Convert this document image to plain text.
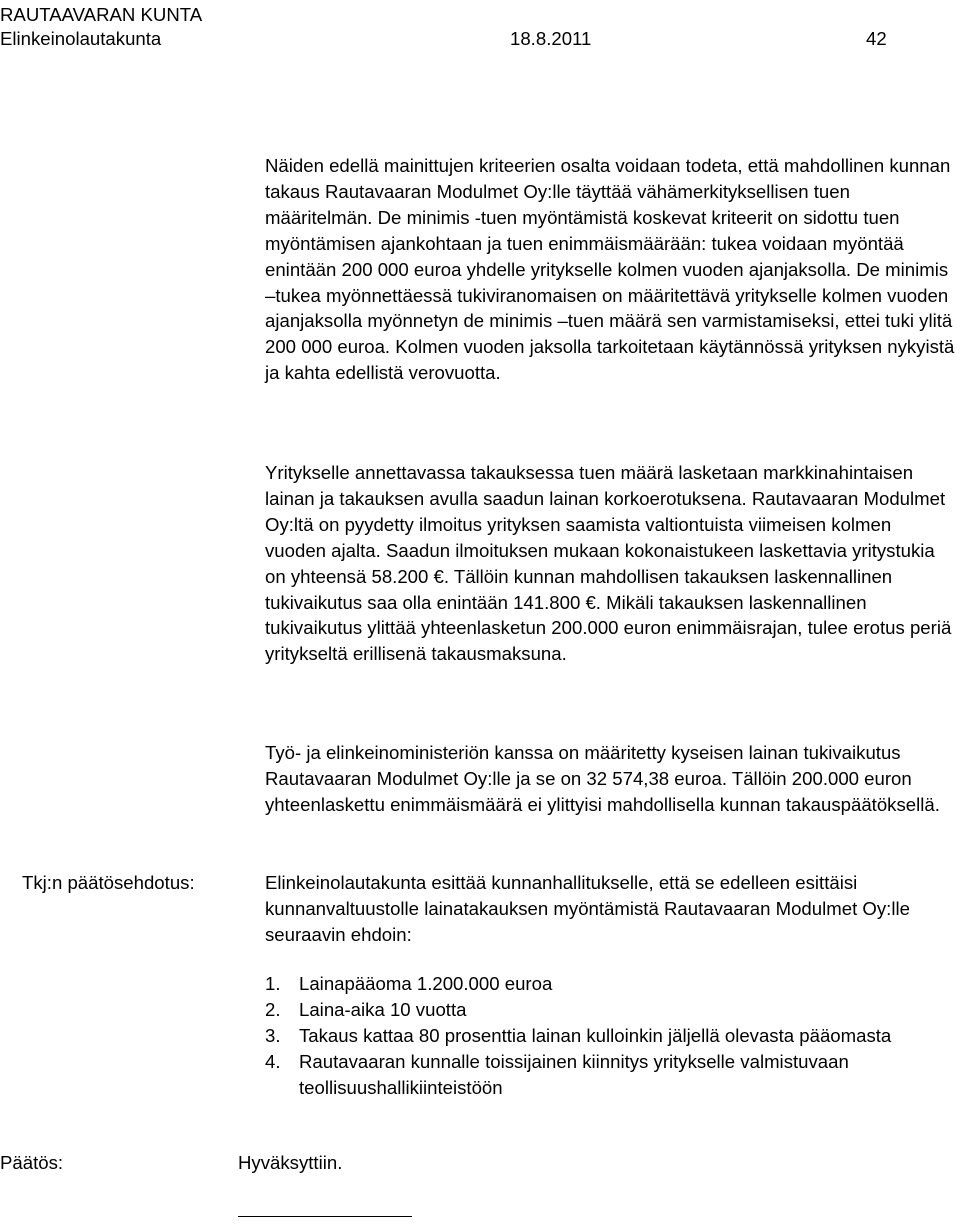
RAUTAAVARAN KUNTA
Elinkeinolautakunta	18.8.2011	42

Näiden edellä mainittujen kriteerien osalta voidaan todeta, että mahdollinen kunnan takaus Rautavaaran Modulmet Oy:lle täyttää vähämerkityksellisen tuen määritelmän. De minimis -tuen myöntämistä koskevat kriteerit on sidottu tuen myöntämisen ajankohtaan ja tuen enimmäismäärään: tukea voidaan myöntää enintään 200 000 euroa yhdelle yritykselle kolmen vuoden ajanjaksolla. De minimis –tukea myönnettäessä tukiviranomaisen on määritettävä yritykselle kolmen vuoden ajanjaksolla myönnetyn de minimis –tuen määrä sen varmistamiseksi, ettei tuki ylitä 200 000 euroa. Kolmen vuoden jaksolla tarkoitetaan käytännössä yrityksen nykyistä ja kahta edellistä verovuotta.

Yritykselle annettavassa takauksessa tuen määrä lasketaan markkinahintaisen lainan ja takauksen avulla saadun lainan korkoerotuksena. Rautavaaran Modulmet Oy:ltä on pyydetty ilmoitus yrityksen saamista valtiontuista viimeisen kolmen vuoden ajalta. Saadun ilmoituksen mukaan kokonaistukeen laskettavia yritystukia on yhteensä 58.200 €. Tällöin kunnan mahdollisen takauksen laskennallinen tukivaikutus saa olla enintään 141.800 €. Mikäli takauksen laskennallinen tukivaikutus ylittää yhteenlasketun 200.000 euron enimmäisrajan, tulee erotus periä yritykseltä erillisenä takausmaksuna.

Työ- ja elinkeinoministeriön kanssa on määritetty kyseisen lainan tukivaikutus Rautavaaran Modulmet Oy:lle ja se on 32 574,38 euroa. Tällöin 200.000 euron yhteenlaskettu enimmäismäärä ei ylittyisi mahdollisella kunnan takauspäätöksellä.

Tkj:n päätösehdotus:	Elinkeinolautakunta esittää kunnanhallitukselle, että se edelleen esittäisi kunnanvaltuustolle lainatakauksen myöntämistä Rautavaaran Modulmet Oy:lle seuraavin ehdoin:

1. Lainapääoma 1.200.000 euroa
2. Laina-aika 10 vuotta
3. Takaus kattaa 80 prosenttia lainan kulloinkin jäljellä olevasta pääomasta
4. Rautavaaran kunnalle toissijainen kiinnitys yritykselle valmistuvaan teollisuushallikiinteistöön
Päätös:	Hyväksyttiin.
